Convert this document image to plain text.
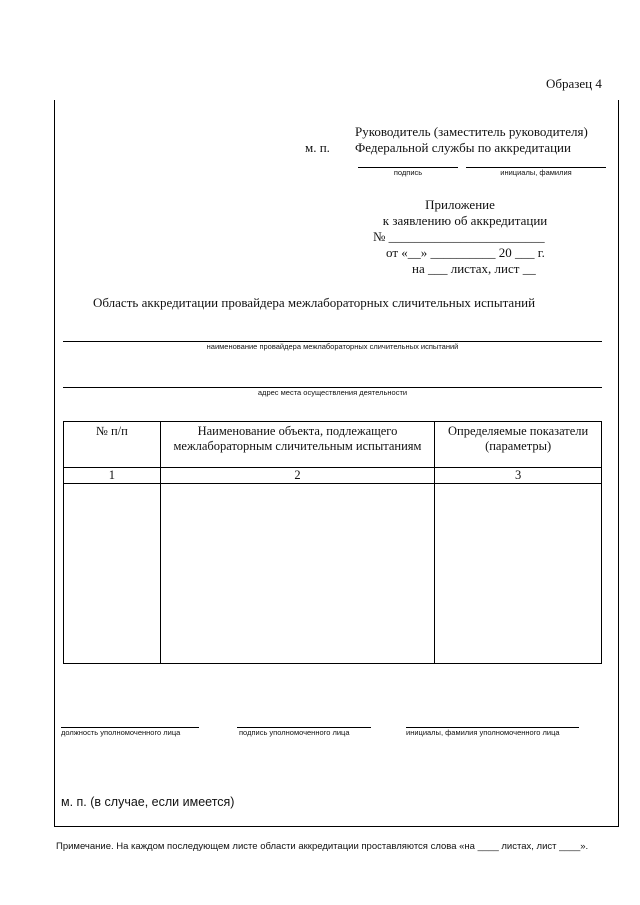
Образец 4
м. п.
Руководитель (заместитель руководителя)
Федеральной службы по аккредитации
подпись	инициалы, фамилия
Приложение
к заявлению об аккредитации
№ ________________________
от «__» __________ 20 ___ г.
на ___ листах, лист __
Область аккредитации провайдера межлабораторных сличительных испытаний
наименование провайдера межлабораторных сличительных испытаний
адрес места осуществления деятельности
№ п/п	Наименование объекта, подлежащего межлабораторным сличительным испытаниям	Определяемые показатели (параметры)
1	2	3

должность уполномоченного лица	подпись уполномоченного лица	инициалы, фамилия уполномоченного лица
м. п. (в случае, если имеется)
Примечание. На каждом последующем листе области аккредитации проставляются слова «на ____ листах, лист ____».
